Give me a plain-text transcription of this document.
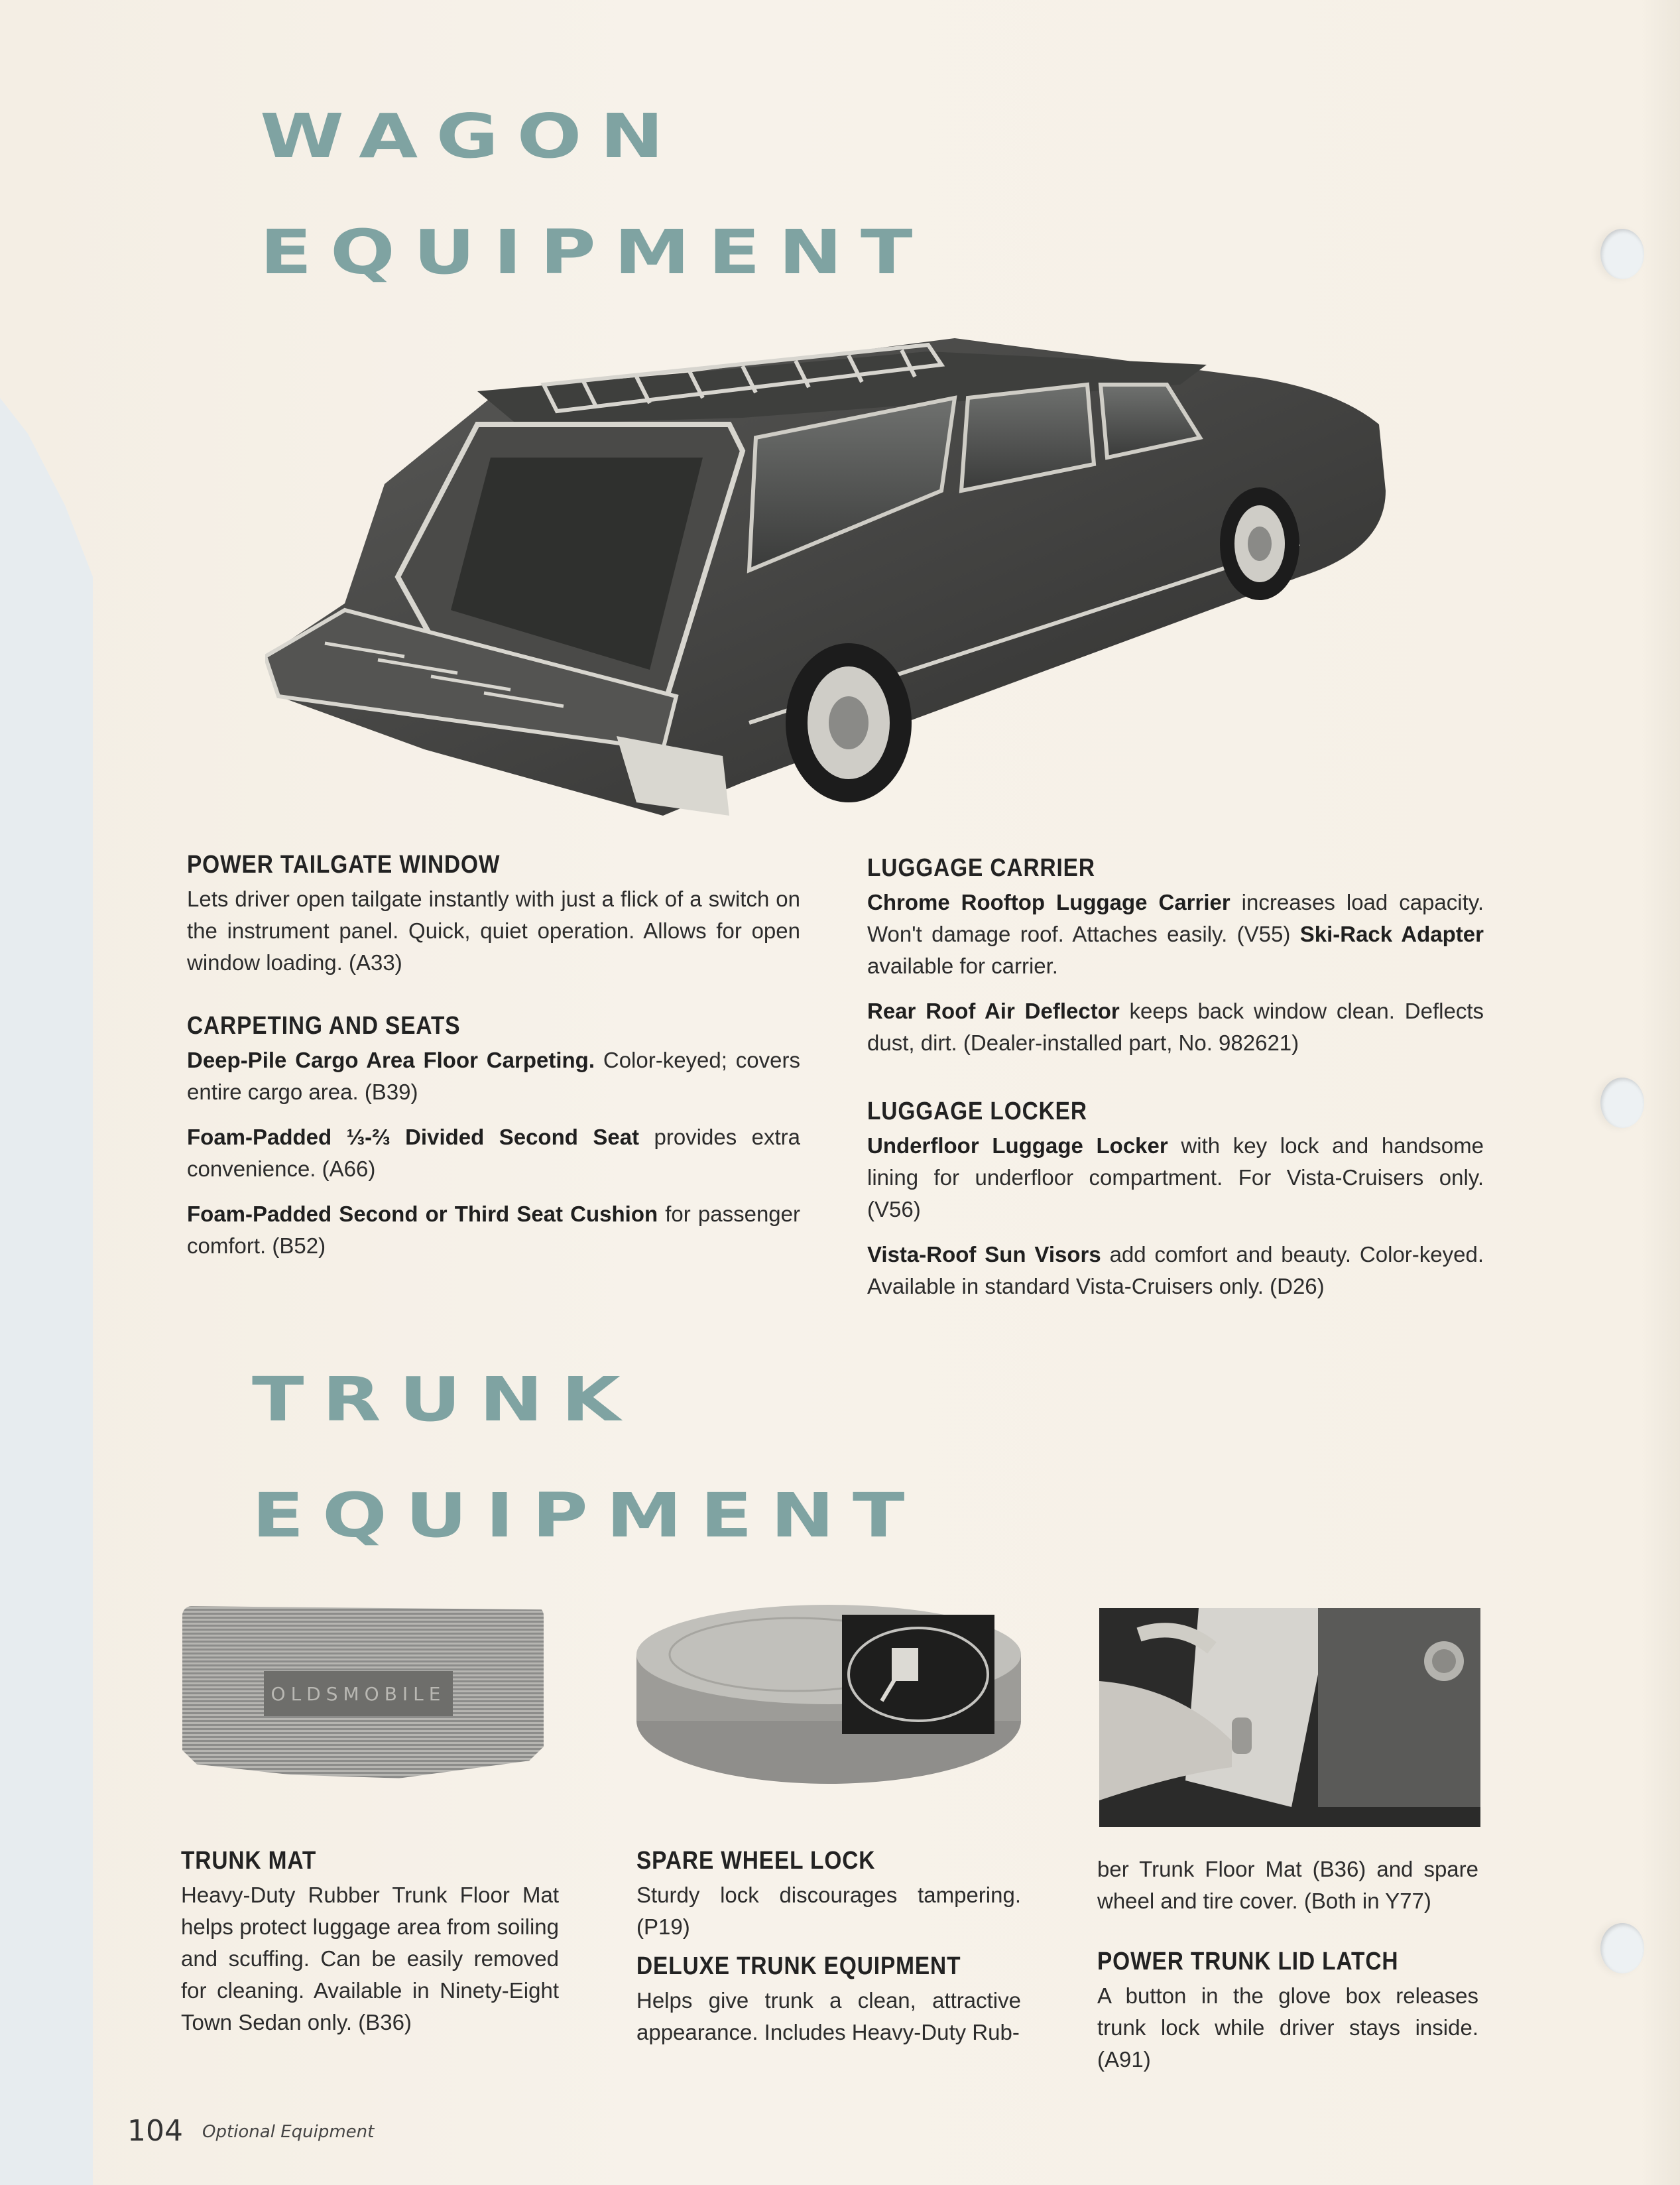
WAGON
EQUIPMENT
POWER TAILGATE WINDOW

Lets driver open tailgate instantly with just a flick of a switch on the instrument panel. Quick, quiet operation. Allows for open window loading. (A33)

CARPETING AND SEATS

Deep-Pile Cargo Area Floor Carpeting. Color-keyed; covers entire cargo area. (B39)

Foam-Padded ⅓-⅔ Divided Second Seat provides extra convenience. (A66)

Foam-Padded Second or Third Seat Cushion for passenger comfort. (B52)

LUGGAGE CARRIER

Chrome Rooftop Luggage Carrier increases load capacity. Won't damage roof. Attaches easily. (V55) Ski-Rack Adapter available for carrier.

Rear Roof Air Deflector keeps back window clean. Deflects dust, dirt. (Dealer-installed part, No. 982621)

LUGGAGE LOCKER

Underfloor Luggage Locker with key lock and handsome lining for underfloor compartment. For Vista-Cruisers only. (V56)

Vista-Roof Sun Visors add comfort and beauty. Color-keyed. Available in standard Vista-Cruisers only. (D26)

TRUNK
EQUIPMENT
OLDSMOBILE
TRUNK MAT

Heavy-Duty Rubber Trunk Floor Mat helps protect luggage area from soiling and scuffing. Can be easily removed for cleaning. Available in Ninety-Eight Town Sedan only. (B36)

SPARE WHEEL LOCK

Sturdy lock discourages tampering. (P19)

DELUXE TRUNK EQUIPMENT

Helps give trunk a clean, attractive appearance. Includes Heavy-Duty Rub-

ber Trunk Floor Mat (B36) and spare wheel and tire cover. (Both in Y77)

POWER TRUNK LID LATCH

A button in the glove box releases trunk lock while driver stays inside. (A91)

104 Optional Equipment
